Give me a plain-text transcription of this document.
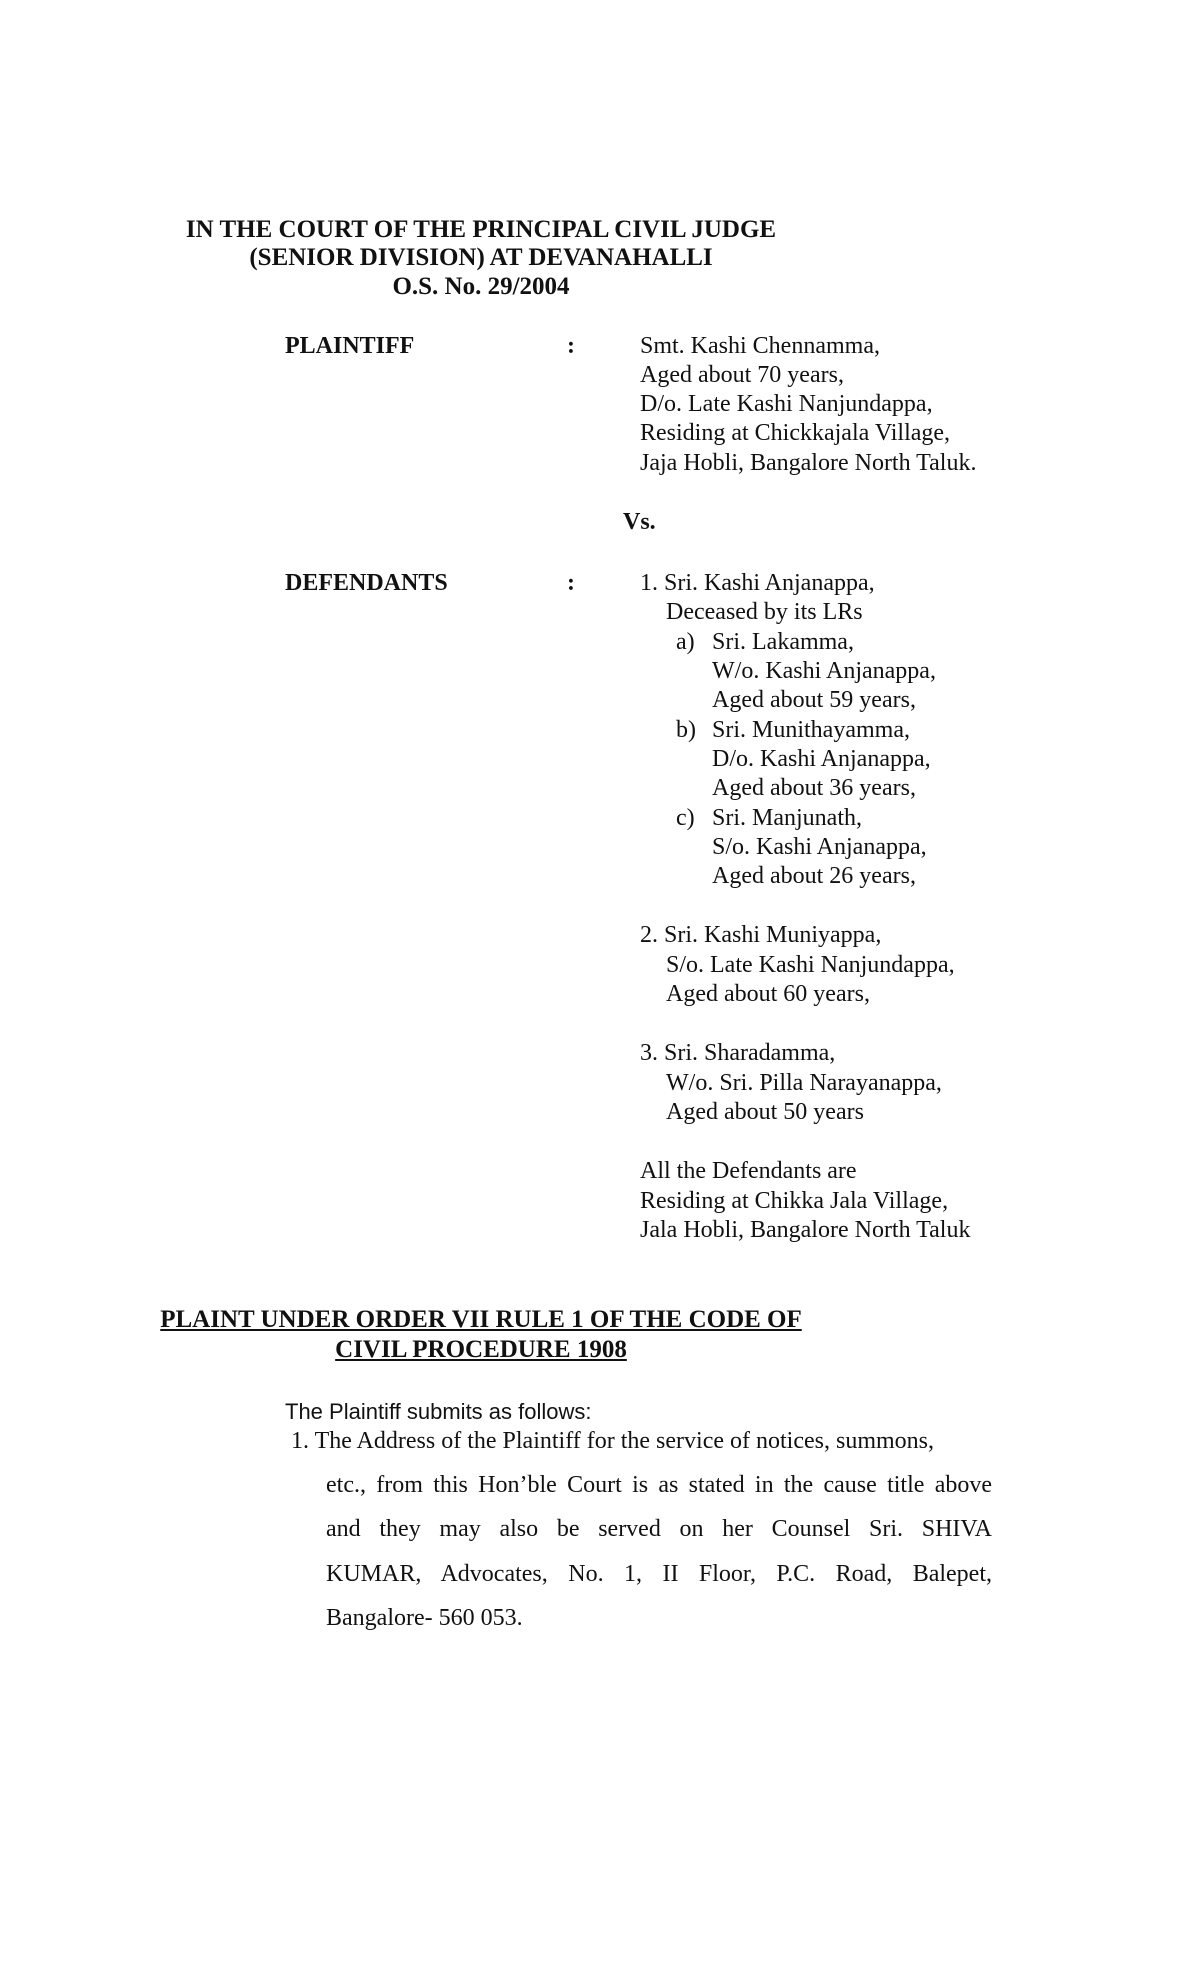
IN THE COURT OF THE PRINCIPAL CIVIL JUDGE
(SENIOR DIVISION) AT DEVANAHALLI
O.S. No. 29/2004
PLAINTIFF	:	Smt. Kashi Chennamma,
Aged about 70 years,
D/o. Late Kashi Nanjundappa,
Residing at Chickkajala Village,
Jaja Hobli, Bangalore North Taluk.
Vs.
DEFENDANTS	:	1. Sri. Kashi Anjanappa,
Deceased by its LRs
a) Sri. Lakamma,
W/o. Kashi Anjanappa,
Aged about 59 years,
b) Sri. Munithayamma,
D/o. Kashi Anjanappa,
Aged about 36 years,
c) Sri. Manjunath,
S/o. Kashi Anjanappa,
Aged about 26 years,
2. Sri. Kashi Muniyappa,
S/o. Late Kashi Nanjundappa,
Aged about 60 years,
3. Sri. Sharadamma,
W/o. Sri. Pilla Narayanappa,
Aged about 50 years
All the Defendants are
Residing at Chikka Jala Village,
Jala Hobli, Bangalore North Taluk
PLAINT UNDER ORDER VII RULE 1 OF THE CODE OF
CIVIL PROCEDURE 1908
The Plaintiff submits as follows:
1. The Address of the Plaintiff for the service of notices, summons,
etc., from this Hon’ble Court is as stated in the cause title above
and they may also be served on her Counsel Sri. SHIVA
KUMAR, Advocates, No. 1, II Floor, P.C. Road, Balepet,
Bangalore- 560 053.
